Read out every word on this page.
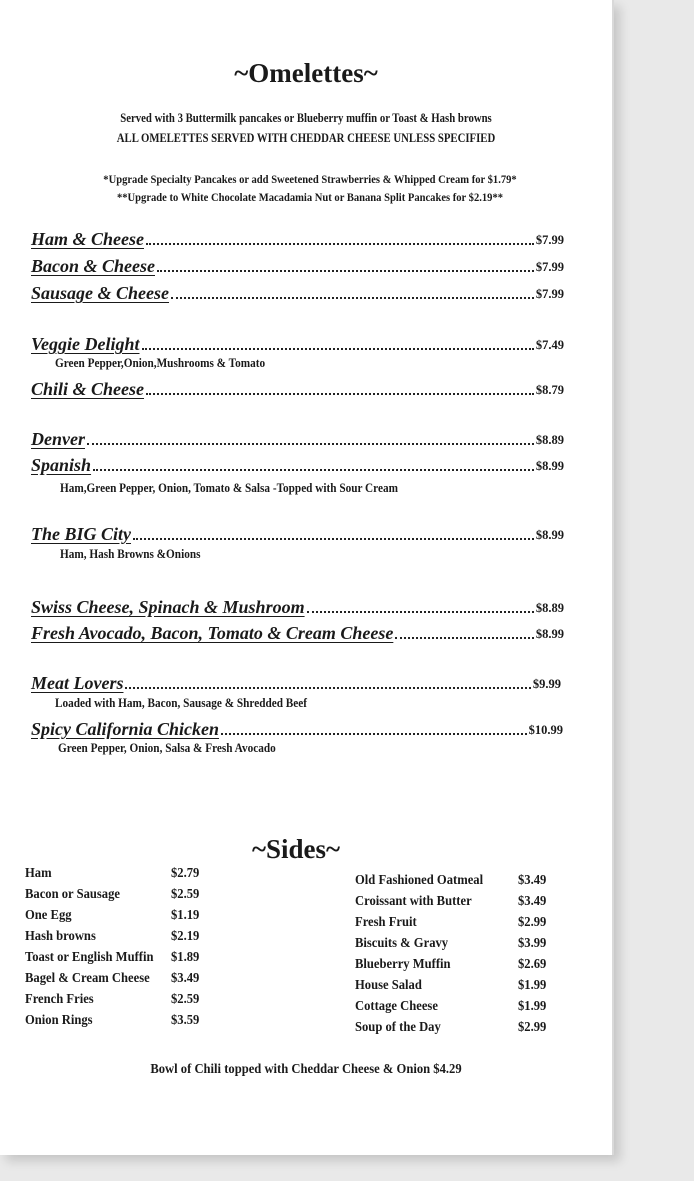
~Omelettes~
Served with 3 Buttermilk pancakes or Blueberry muffin or Toast & Hash browns
ALL OMELETTES SERVED WITH CHEDDAR CHEESE UNLESS SPECIFIED
*Upgrade Specialty Pancakes or add Sweetened Strawberries & Whipped Cream for $1.79*
**Upgrade to White Chocolate Macadamia Nut or Banana Split Pancakes for $2.19**
Ham & Cheese	$7.99
Bacon & Cheese	$7.99
Sausage & Cheese	$7.99
Veggie Delight	$7.49
Green Pepper,Onion,Mushrooms & Tomato
Chili & Cheese	$8.79
Denver	$8.89
Spanish	$8.99
Ham,Green Pepper, Onion, Tomato & Salsa -Topped with Sour Cream
The BIG City	$8.99
Ham, Hash Browns &Onions
Swiss Cheese, Spinach & Mushroom	$8.89
Fresh Avocado, Bacon, Tomato & Cream Cheese	$8.99
Meat Lovers	$9.99
Loaded with Ham, Bacon, Sausage & Shredded Beef
Spicy California Chicken	$10.99
Green Pepper, Onion, Salsa & Fresh Avocado
~Sides~
Ham	$2.79
Bacon or Sausage	$2.59
One Egg	$1.19
Hash browns	$2.19
Toast or English Muffin $1.89
Bagel & Cream Cheese $3.49
French Fries	$2.59
Onion Rings	$3.59
Old Fashioned Oatmeal $3.49
Croissant with Butter	$3.49
Fresh Fruit	$2.99
Biscuits & Gravy	$3.99
Blueberry Muffin	$2.69
House Salad	$1.99
Cottage Cheese	$1.99
Soup of the Day	$2.99
Bowl of Chili topped with Cheddar Cheese & Onion $4.29
